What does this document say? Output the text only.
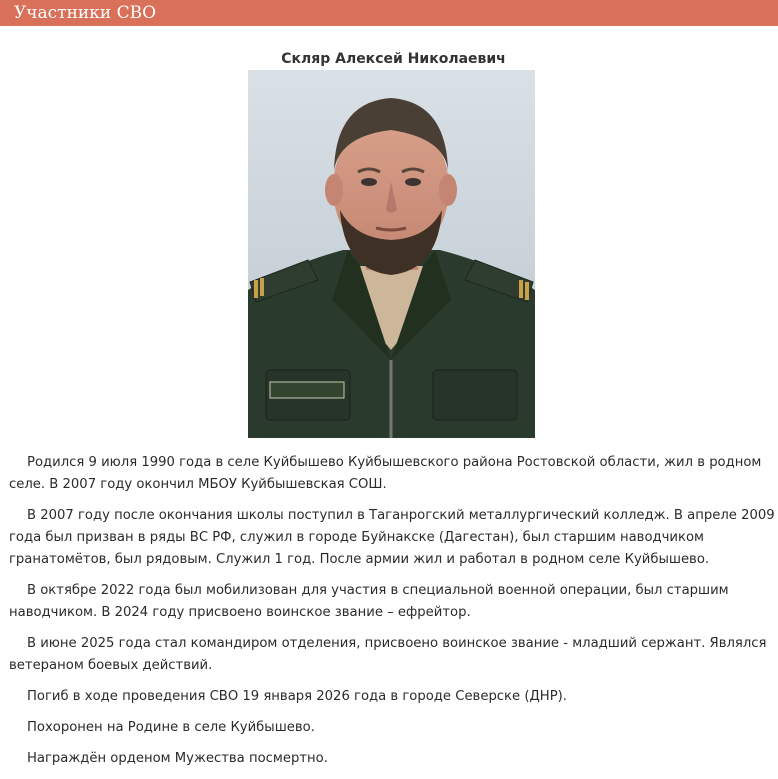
Участники СВО
Скляр Алексей Николаевич

Родился 9 июля 1990 года в селе Куйбышево Куйбышевского района Ростовской области, жил в родном селе. В 2007 году окончил МБОУ Куйбышевская СОШ.

В 2007 году после окончания школы поступил в Таганрогский металлургический колледж. В апреле 2009 года был призван в ряды ВС РФ, служил в городе Буйнакске (Дагестан), был старшим наводчиком гранатомётов, был рядовым. Служил 1 год. После армии жил и работал в родном селе Куйбышево.

В октябре 2022 года был мобилизован для участия в специальной военной операции, был старшим наводчиком. В 2024 году присвоено воинское звание – ефрейтор.

В июне 2025 года стал командиром отделения, присвоено воинское звание - младший сержант. Являлся ветераном боевых действий.

Погиб в ходе проведения СВО 19 января 2026 года в городе Северске (ДНР).

Похоронен на Родине в селе Куйбышево.

Награждён орденом Мужества посмертно.
